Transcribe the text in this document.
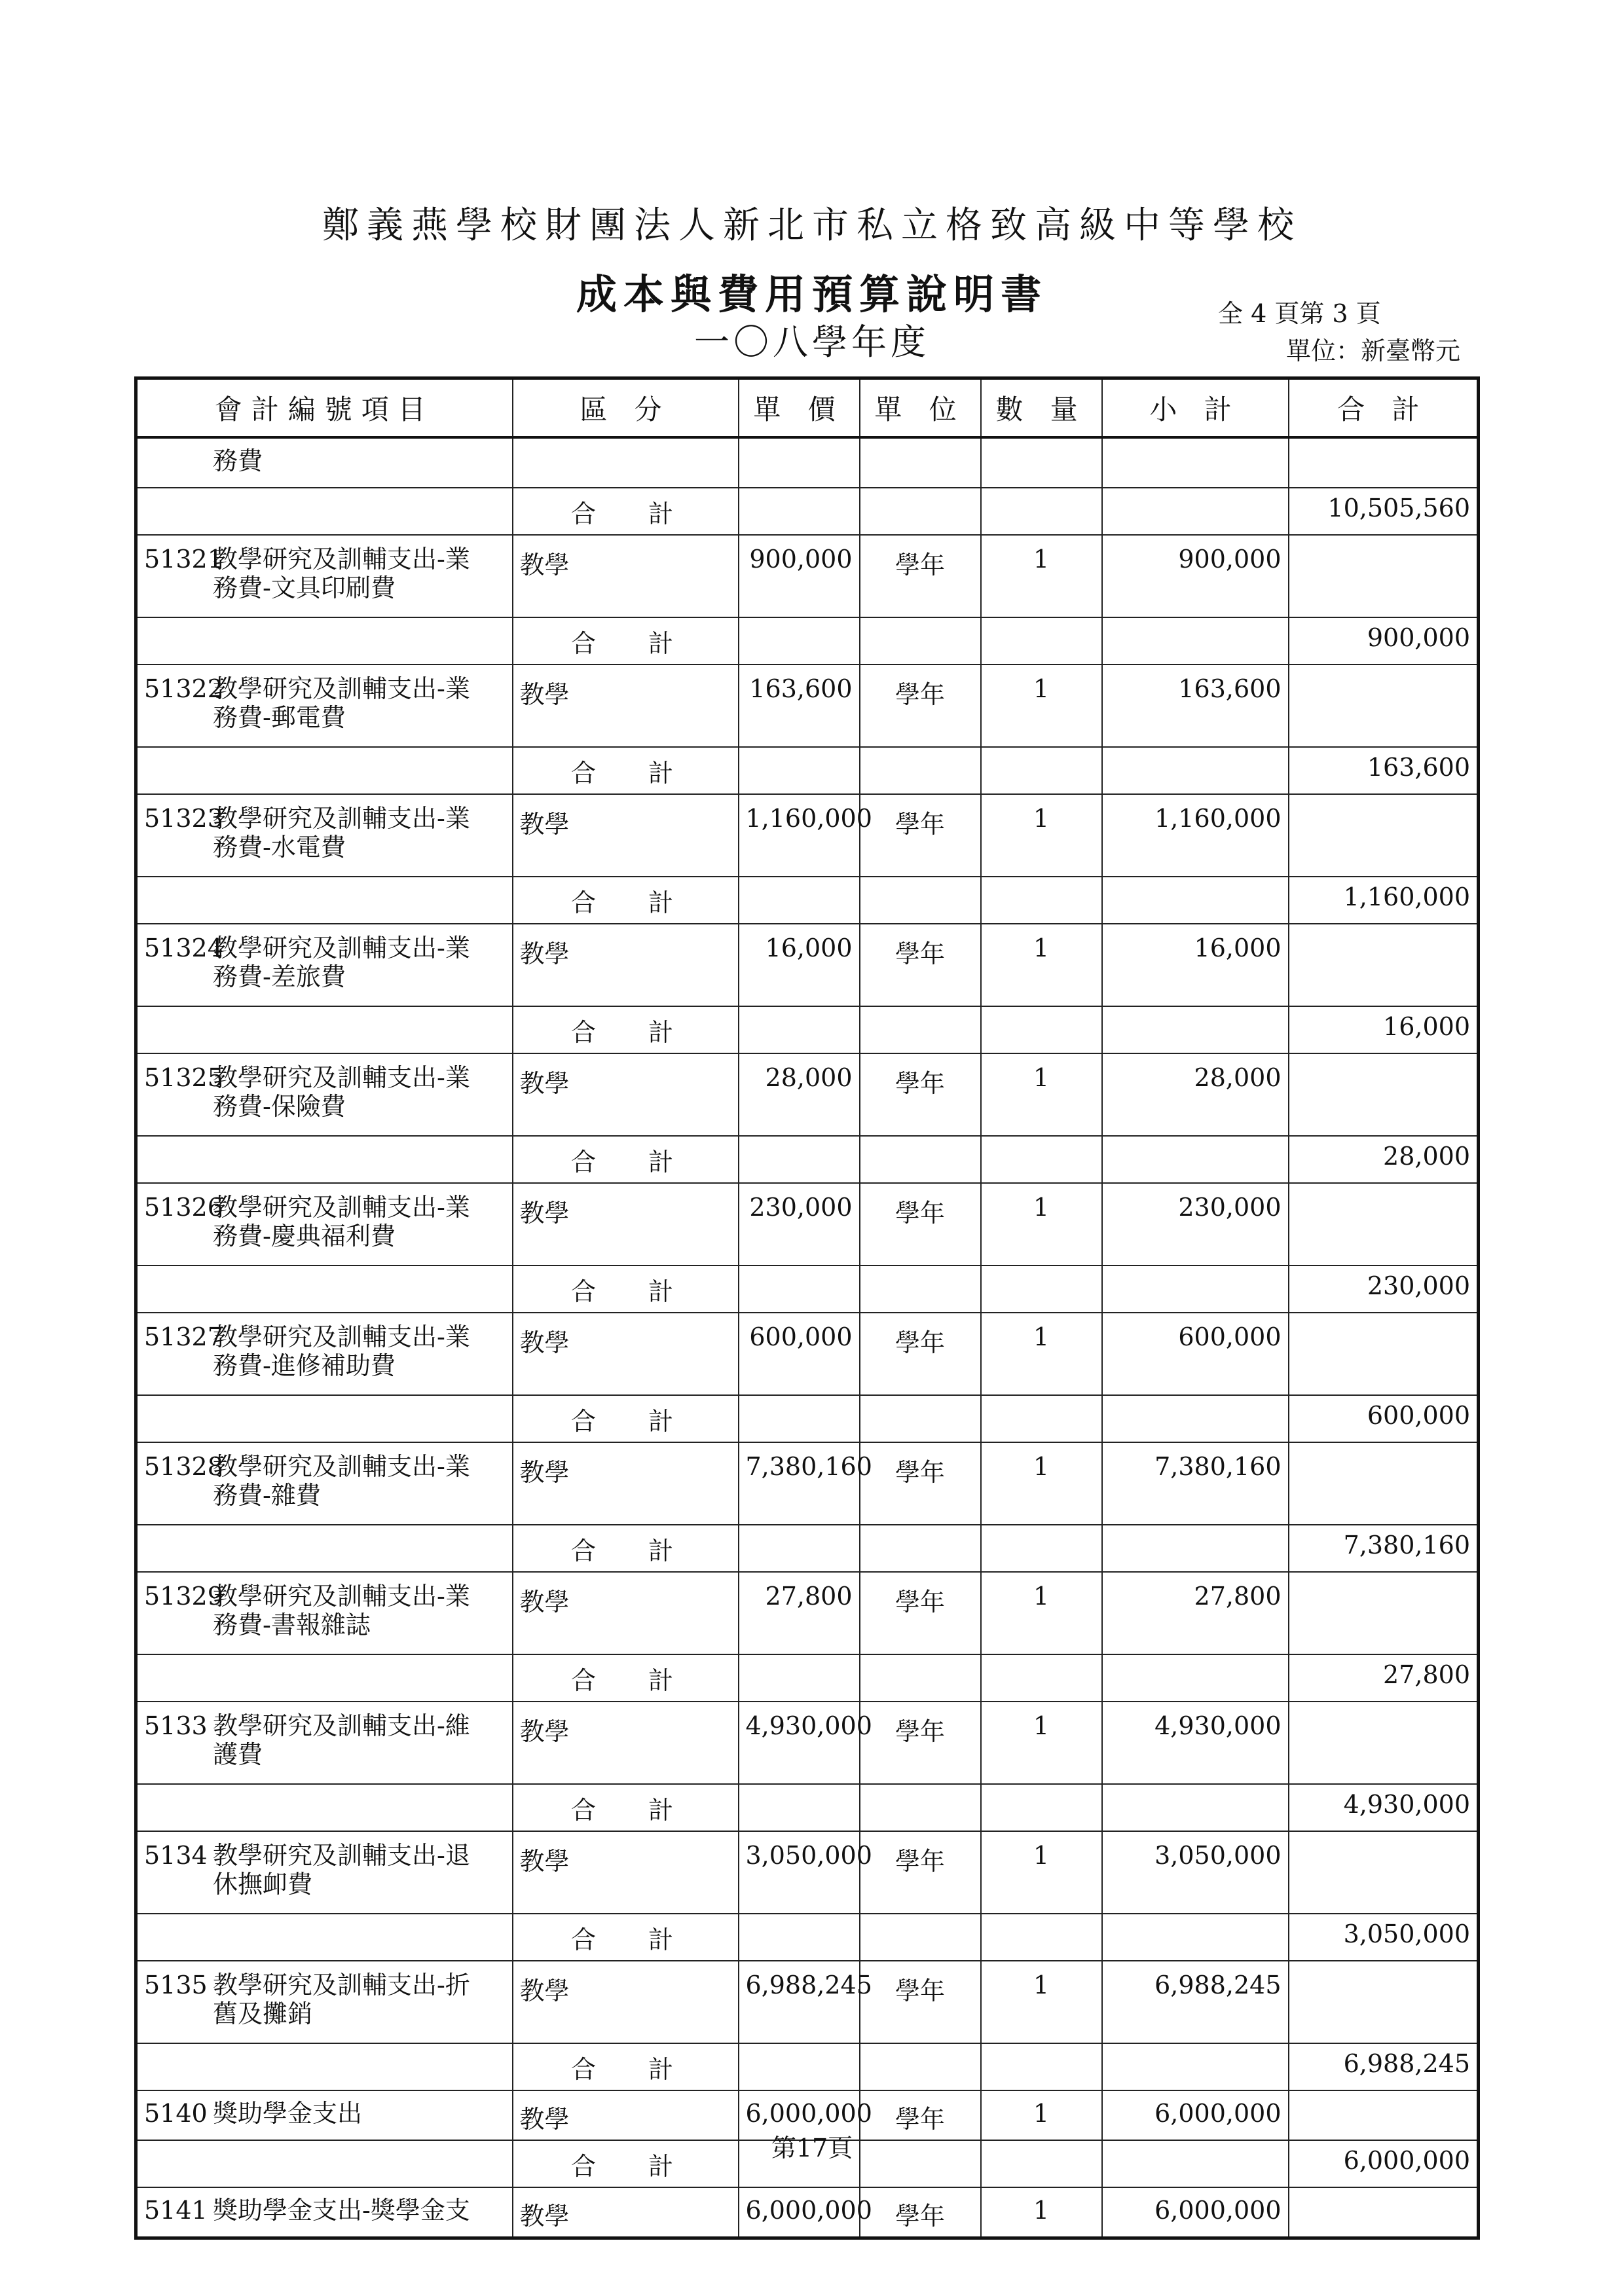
鄭義燕學校財團法人新北市私立格致高級中等學校
成本與費用預算說明書
一〇八學年度
全 4 頁第 3 頁
單位：新臺幣元
會計編號項目	區 分	單 價	單 位	數 量	小 計	合 計
務費						
	合計					10,505,560
51321教學研究及訓輔支出-業務費-文具印刷費	教學	900,000	學年	1	900,000	
	合計					900,000
51322教學研究及訓輔支出-業務費-郵電費	教學	163,600	學年	1	163,600	
	合計					163,600
51323教學研究及訓輔支出-業務費-水電費	教學	1,160,000	學年	1	1,160,000	
	合計					1,160,000
51324教學研究及訓輔支出-業務費-差旅費	教學	16,000	學年	1	16,000	
	合計					16,000
51325教學研究及訓輔支出-業務費-保險費	教學	28,000	學年	1	28,000	
	合計					28,000
51326教學研究及訓輔支出-業務費-慶典福利費	教學	230,000	學年	1	230,000	
	合計					230,000
51327教學研究及訓輔支出-業務費-進修補助費	教學	600,000	學年	1	600,000	
	合計					600,000
51328教學研究及訓輔支出-業務費-雜費	教學	7,380,160	學年	1	7,380,160	
	合計					7,380,160
51329教學研究及訓輔支出-業務費-書報雜誌	教學	27,800	學年	1	27,800	
	合計					27,800
5133 教學研究及訓輔支出-維護費	教學	4,930,000	學年	1	4,930,000	
	合計					4,930,000
5134 教學研究及訓輔支出-退休撫卹費	教學	3,050,000	學年	1	3,050,000	
	合計					3,050,000
5135 教學研究及訓輔支出-折舊及攤銷	教學	6,988,245	學年	1	6,988,245	
	合計					6,988,245
5140 獎助學金支出	教學	6,000,000	學年	1	6,000,000	
	合計					6,000,000
5141 獎助學金支出-獎學金支	教學	6,000,000	學年	1	6,000,000	
第17頁
